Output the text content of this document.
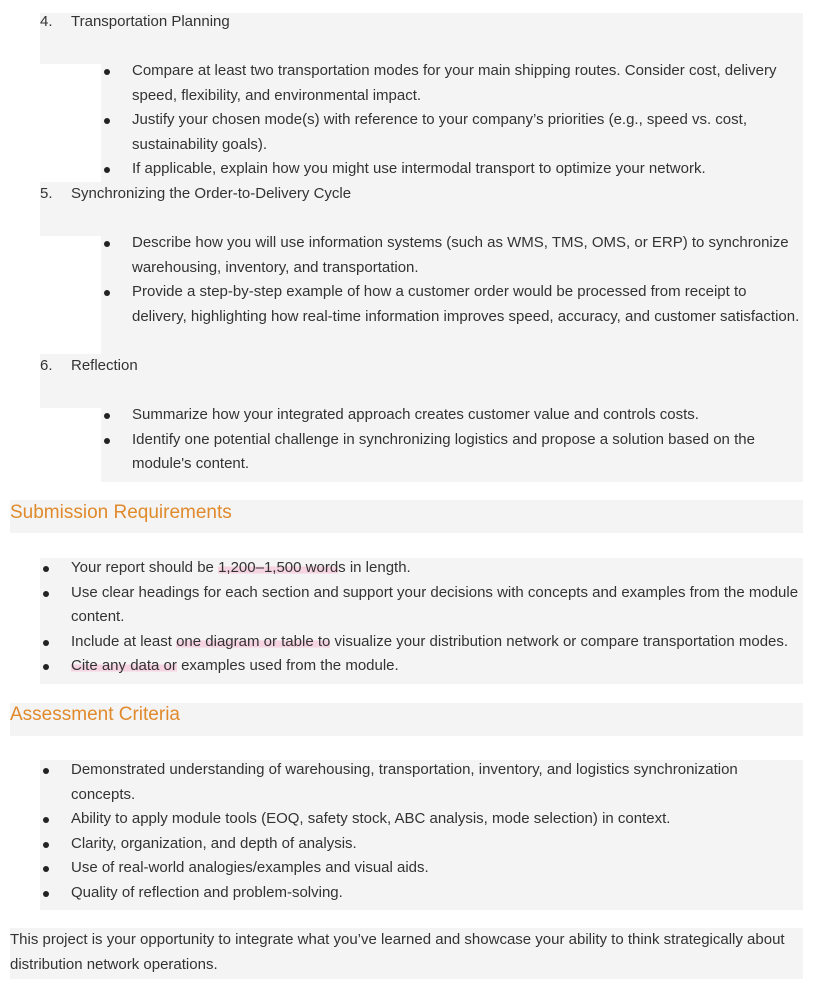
4. Transportation Planning
Compare at least two transportation modes for your main shipping routes. Consider cost, delivery speed, flexibility, and environmental impact.
Justify your chosen mode(s) with reference to your company’s priorities (e.g., speed vs. cost, sustainability goals).
If applicable, explain how you might use intermodal transport to optimize your network.
5. Synchronizing the Order-to-Delivery Cycle
Describe how you will use information systems (such as WMS, TMS, OMS, or ERP) to synchronize warehousing, inventory, and transportation.
Provide a step-by-step example of how a customer order would be processed from receipt to delivery, highlighting how real-time information improves speed, accuracy, and customer satisfaction.
6. Reflection
Summarize how your integrated approach creates customer value and controls costs.
Identify one potential challenge in synchronizing logistics and propose a solution based on the module's content.
Submission Requirements
Your report should be 1,200–1,500 words in length.
Use clear headings for each section and support your decisions with concepts and examples from the module content.
Include at least one diagram or table to visualize your distribution network or compare transportation modes.
Cite any data or examples used from the module.
Assessment Criteria
Demonstrated understanding of warehousing, transportation, inventory, and logistics synchronization concepts.
Ability to apply module tools (EOQ, safety stock, ABC analysis, mode selection) in context.
Clarity, organization, and depth of analysis.
Use of real-world analogies/examples and visual aids.
Quality of reflection and problem-solving.
This project is your opportunity to integrate what you’ve learned and showcase your ability to think strategically about distribution network operations.
